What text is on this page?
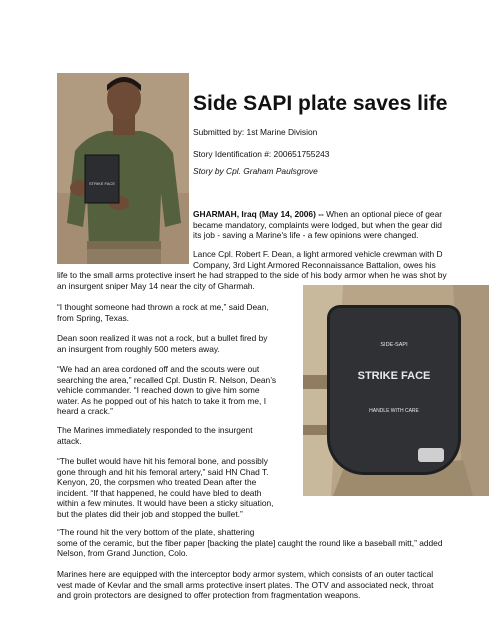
Side SAPI plate saves life
Submitted by: 1st Marine Division
Story Identification #: 200651755243
Story by Cpl. Graham Paulsgrove
STRIKE FACE
SIDE-SAPI
STRIKE FACE
HANDLE WITH CARE
GHARMAH, Iraq (May 14, 2006) -- When an optional piece of gear
became mandatory, complaints were lodged, but when the gear did
its job - saving a Marine's life - a few opinions were changed.
Lance Cpl. Robert F. Dean, a light armored vehicle crewman with D
Company, 3rd Light Armored Reconnaissance Battalion, owes his
life to the small arms protective insert he had strapped to the side of his body armor when he was shot by
an insurgent sniper May 14 near the city of Gharmah.
“I thought someone had thrown a rock at me,” said Dean,
from Spring, Texas.
Dean soon realized it was not a rock, but a bullet fired by
an insurgent from roughly 500 meters away.
“We had an area cordoned off and the scouts were out
searching the area,” recalled Cpl. Dustin R. Nelson, Dean’s
vehicle commander. “I reached down to give him some
water. As he popped out of his hatch to take it from me, I
heard a crack.”
The Marines immediately responded to the insurgent
attack.
“The bullet would have hit his femoral bone, and possibly
gone through and hit his femoral artery,” said HN Chad T.
Kenyon, 20, the corpsmen who treated Dean after the
incident. “If that happened, he could have bled to death
within a few minutes. It would have been a sticky situation,
but the plates did their job and stopped the bullet.”
“The round hit the very bottom of the plate, shattering
some of the ceramic, but the fiber paper [backing the plate] caught the round like a baseball mitt,” added
Nelson, from Grand Junction, Colo.
Marines here are equipped with the interceptor body armor system, which consists of an outer tactical
vest made of Kevlar and the small arms protective insert plates. The OTV and associated neck, throat
and groin protectors are designed to offer protection from fragmentation weapons.
